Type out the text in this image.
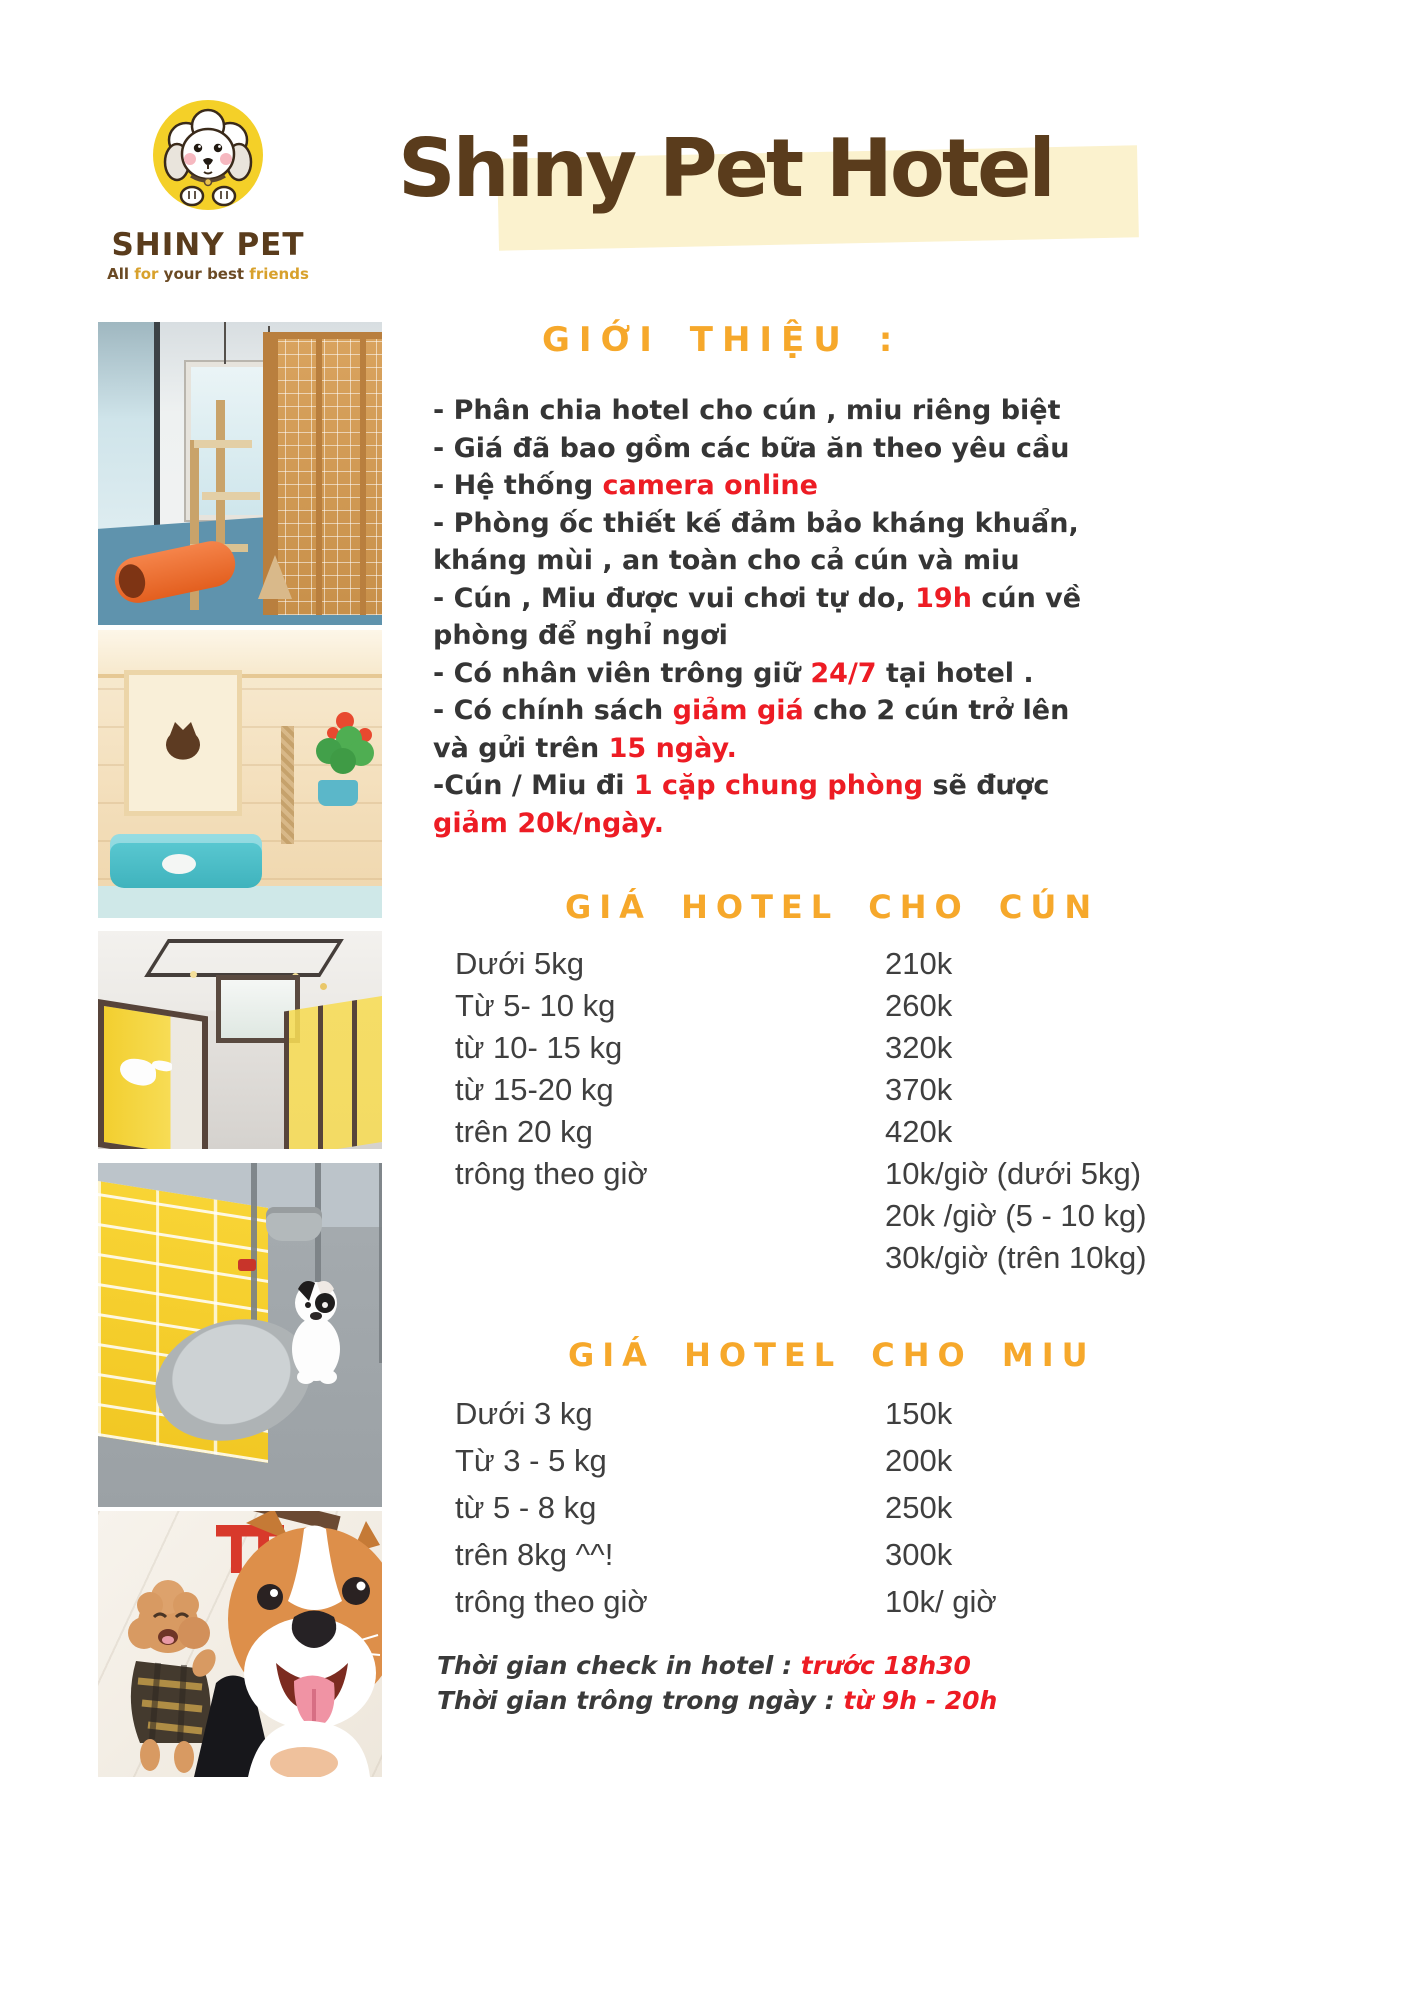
SHINY PET
All for your best friends
Shiny Pet Hotel
GIỚI THIỆU :

- Phân chia hotel cho cún , miu riêng biệt

- Giá đã bao gồm các bữa ăn theo yêu cầu

- Hệ thống camera online

- Phòng ốc thiết kế đảm bảo kháng khuẩn, kháng mùi , an toàn cho cả cún và miu

- Cún , Miu được vui chơi tự do, 19h cún về phòng để nghỉ ngơi

- Có nhân viên trông giữ 24/7 tại hotel .

- Có chính sách giảm giá cho 2 cún trở lên và gửi trên 15 ngày.

-Cún / Miu đi 1 cặp chung phòng sẽ được giảm 20k/ngày.

GIÁ HOTEL CHO CÚN
Dưới 5kg	210k
Từ 5- 10 kg	260k
từ 10- 15 kg	320k
từ 15-20 kg	370k
trên 20 kg	420k
trông theo giờ	10k/giờ (dưới 5kg)
20k /giờ (5 - 10 kg)
30k/giờ (trên 10kg)
GIÁ HOTEL CHO MIU
Dưới 3 kg	150k
Từ 3 - 5 kg	200k
từ 5 - 8 kg	250k
trên 8kg ^^!	300k
trông theo giờ	10k/ giờ

Thời gian check in hotel : trước 18h30

Thời gian trông trong ngày : từ 9h - 20h
